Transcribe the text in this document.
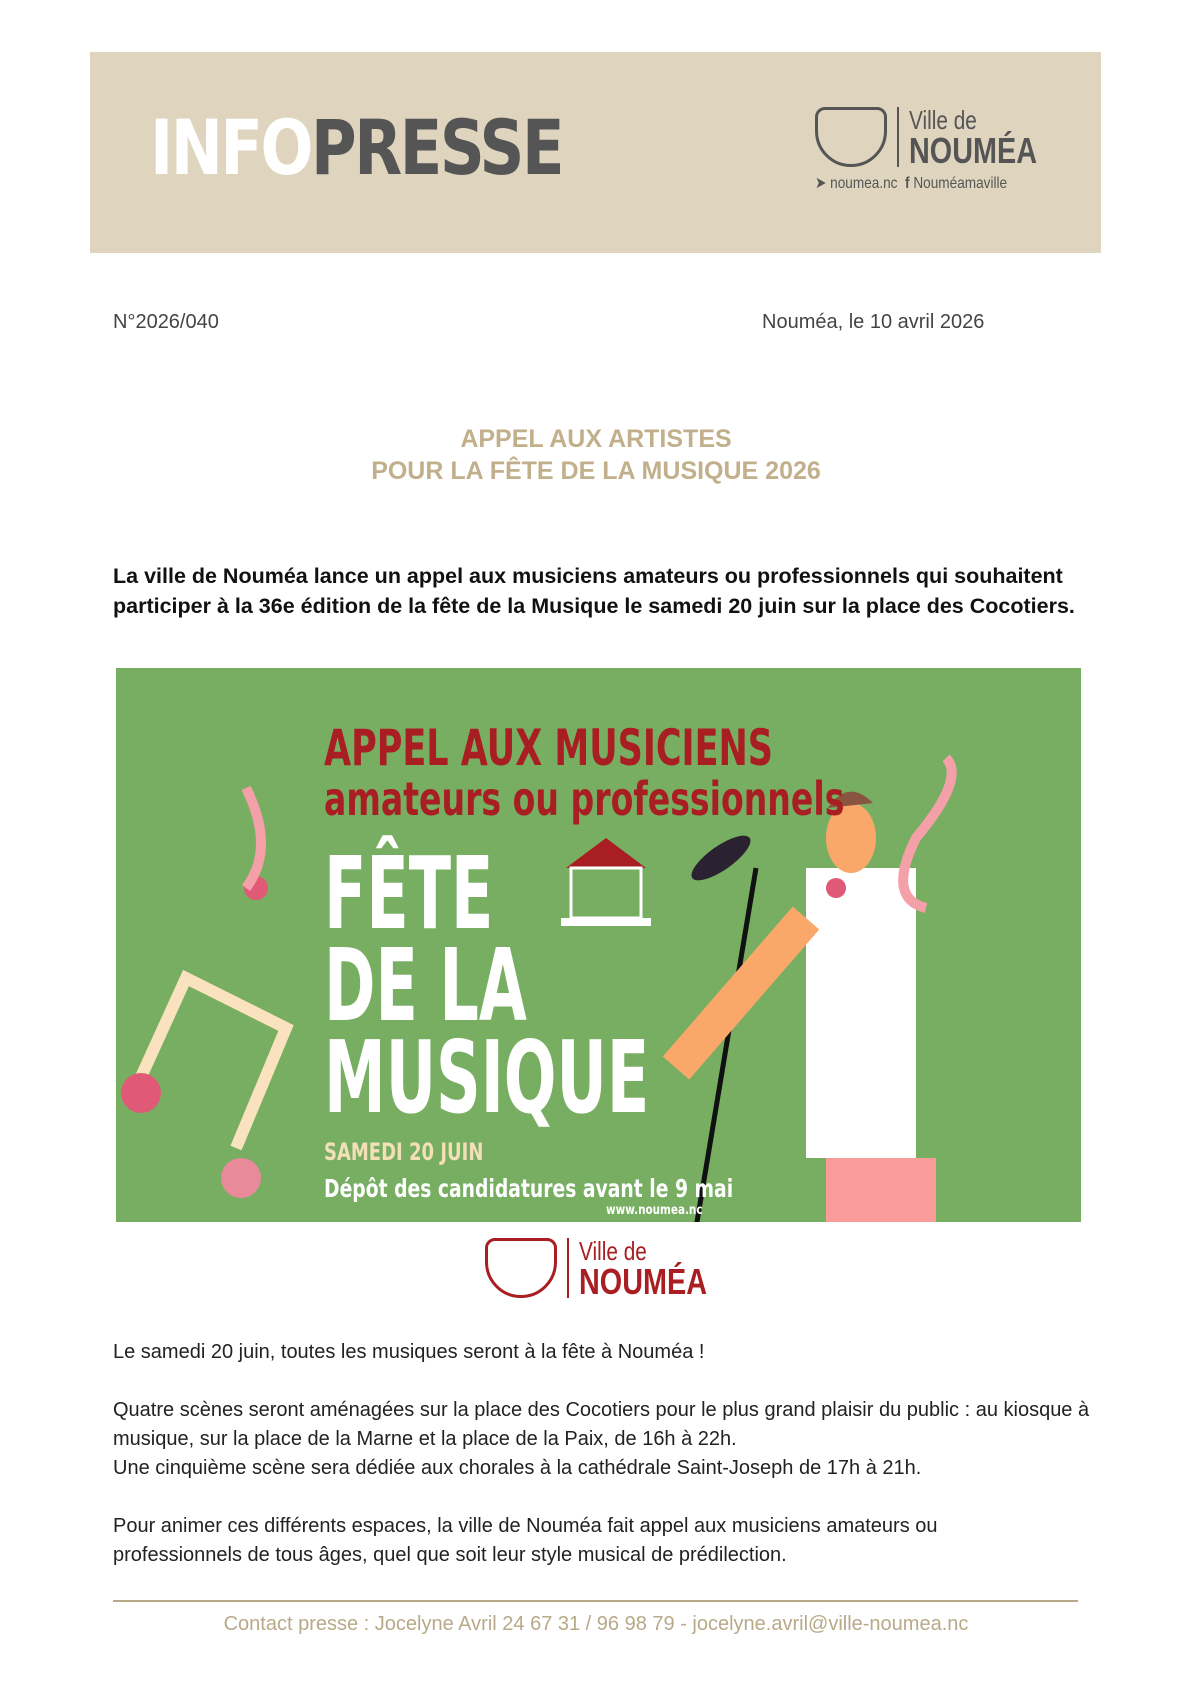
INFOPRESSE	Ville de
NOUMÉA
➤ noumea.nc f Nouméamaville
N°2026/040	Nouméa, le 10 avril 2026
APPEL AUX ARTISTES
POUR LA FÊTE DE LA MUSIQUE 2026
La ville de Nouméa lance un appel aux musiciens amateurs ou professionnels qui souhaitent participer à la 36e édition de la fête de la Musique le samedi 20 juin sur la place des Cocotiers.
APPEL AUX MUSICIENS
amateurs ou professionnels
FÊTE
DE LA
MUSIQUE
SAMEDI 20 JUIN
Dépôt des candidatures avant le 9 mai
www.noumea.nc
Ville de
NOUMÉA

Le samedi 20 juin, toutes les musiques seront à la fête à Nouméa !

Quatre scènes seront aménagées sur la place des Cocotiers pour le plus grand plaisir du public : au kiosque à musique, sur la place de la Marne et la place de la Paix, de 16h à 22h.

Une cinquième scène sera dédiée aux chorales à la cathédrale Saint-Joseph de 17h à 21h.

Pour animer ces différents espaces, la ville de Nouméa fait appel aux musiciens amateurs ou professionnels de tous âges, quel que soit leur style musical de prédilection.

Contact presse : Jocelyne Avril 24 67 31 / 96 98 79 - jocelyne.avril@ville-noumea.nc
